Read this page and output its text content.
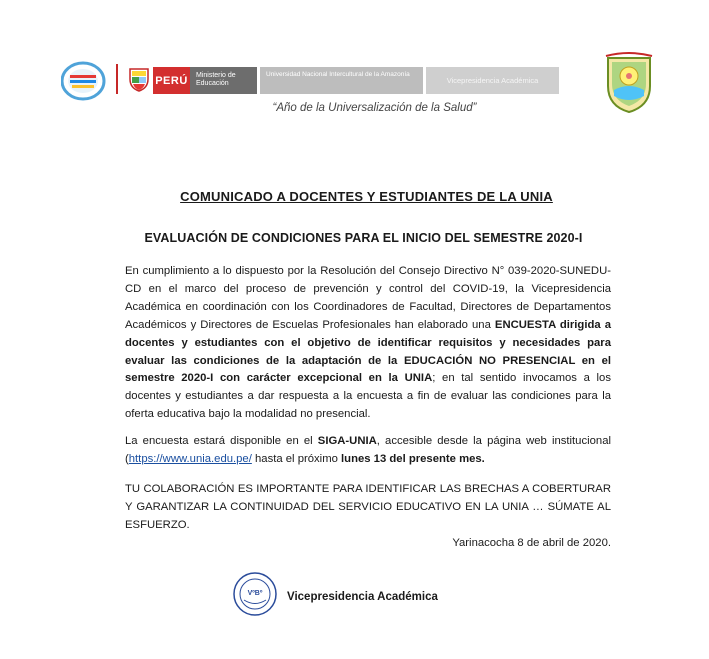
PERÚ	Ministerio de Educación
Universidad Nacional Intercultural de la Amazonía
Vicepresidencia Académica
“Año de la Universalización de la Salud”
COMUNICADO A DOCENTES Y ESTUDIANTES DE LA UNIA
EVALUACIÓN DE CONDICIONES PARA EL INICIO DEL SEMESTRE 2020-I

En cumplimiento a lo dispuesto por la Resolución del Consejo Directivo N° 039-2020-SUNEDU-CD en el marco del proceso de prevención y control del COVID-19, la Vicepresidencia Académica en coordinación con los Coordinadores de Facultad, Directores de Departamentos Académicos y Directores de Escuelas Profesionales han elaborado una ENCUESTA dirigida a docentes y estudiantes con el objetivo de identificar requisitos y necesidades para evaluar las condiciones de la adaptación de la EDUCACIÓN NO PRESENCIAL en el semestre 2020-I con carácter excepcional en la UNIA; en tal sentido invocamos a los docentes y estudiantes a dar respuesta a la encuesta a fin de evaluar las condiciones para la oferta educativa bajo la modalidad no presencial.

La encuesta estará disponible en el SIGA-UNIA, accesible desde la página web institucional (https://www.unia.edu.pe/ hasta el próximo lunes 13 del presente mes.

TU COLABORACIÓN ES IMPORTANTE PARA IDENTIFICAR LAS BRECHAS A COBERTURAR Y GARANTIZAR LA CONTINUIDAD DEL SERVICIO EDUCATIVO EN LA UNIA … SÚMATE AL ESFUERZO.

Yarinacocha 8 de abril de 2020.
VºBº Vicepresidencia Académica
